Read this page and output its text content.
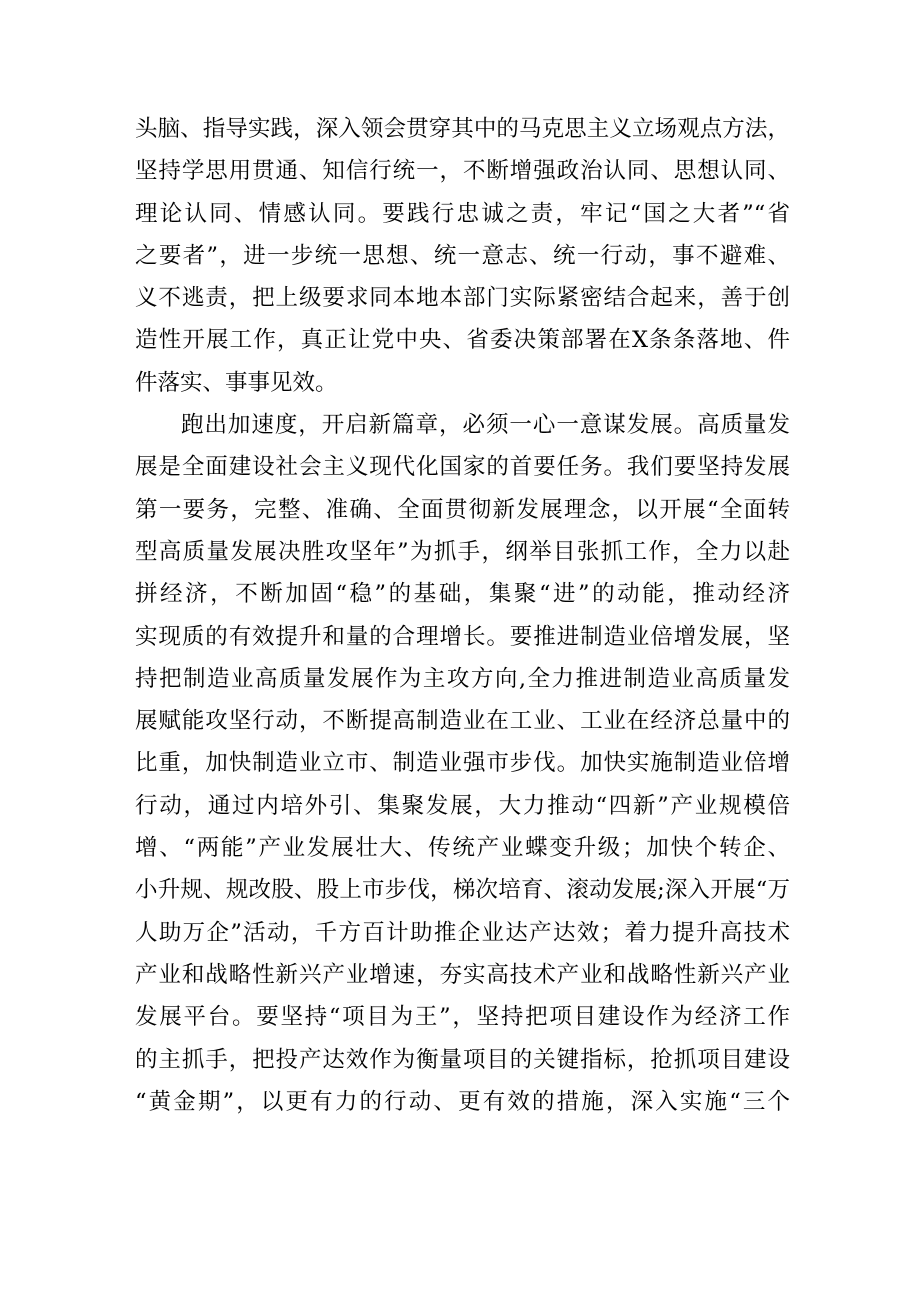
头脑、指导实践，深入领会贯穿其中的马克思主义立场观点方法，
坚持学思用贯通、知信行统一，不断增强政治认同、思想认同、
理论认同、情感认同。要践行忠诚之责，牢记“国之大者”“省
之要者”，进一步统一思想、统一意志、统一行动，事不避难、
义不逃责，把上级要求同本地本部门实际紧密结合起来，善于创
造性开展工作，真正让党中央、省委决策部署在X条条落地、件
件落实、事事见效。
跑出加速度，开启新篇章，必须一心一意谋发展。高质量发
展是全面建设社会主义现代化国家的首要任务。我们要坚持发展
第一要务，完整、准确、全面贯彻新发展理念，以开展“全面转
型高质量发展决胜攻坚年”为抓手，纲举目张抓工作，全力以赴
拼经济，不断加固“稳”的基础，集聚“进”的动能，推动经济
实现质的有效提升和量的合理增长。要推进制造业倍增发展，坚
持把制造业高质量发展作为主攻方向,全力推进制造业高质量发
展赋能攻坚行动，不断提高制造业在工业、工业在经济总量中的
比重，加快制造业立市、制造业强市步伐。加快实施制造业倍增
行动，通过内培外引、集聚发展，大力推动“四新”产业规模倍
增、“两能”产业发展壮大、传统产业蝶变升级；加快个转企、
小升规、规改股、股上市步伐，梯次培育、滚动发展;深入开展“万
人助万企”活动，千方百计助推企业达产达效；着力提升高技术
产业和战略性新兴产业增速，夯实高技术产业和战略性新兴产业
发展平台。要坚持“项目为王”，坚持把项目建设作为经济工作
的主抓手，把投产达效作为衡量项目的关键指标，抢抓项目建设
“黄金期”，以更有力的行动、更有效的措施，深入实施“三个
